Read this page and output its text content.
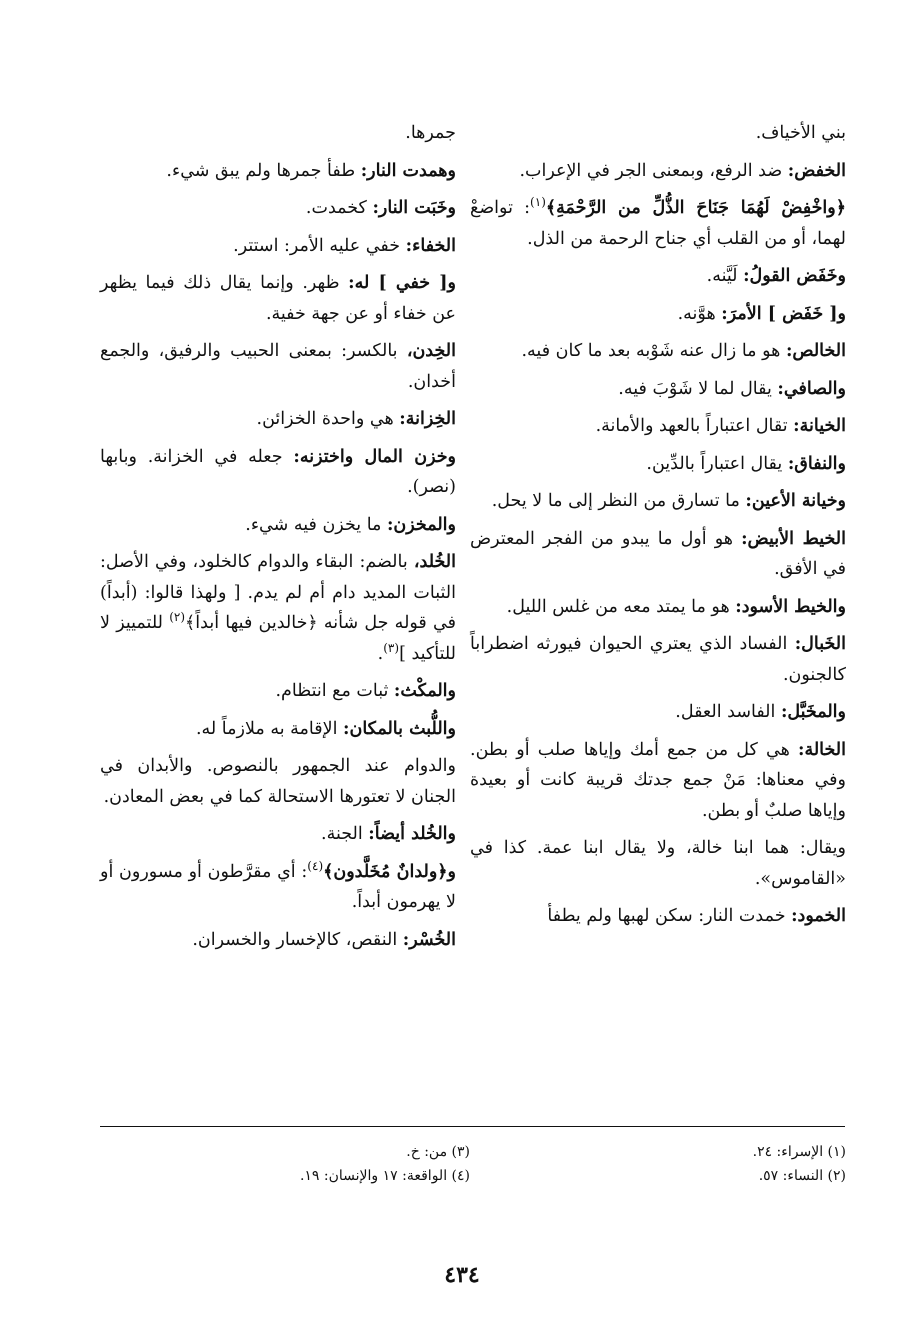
بني الأخياف.

الخفض: ضد الرفع، وبمعنى الجر في الإعراب.

﴿واخْفِضْ لَهُمَا جَنَاحَ الذُّلِّ من الرَّحْمَةِ﴾$^{(١)}$: تواضعْ لهما، أو من القلب أي جناح الرحمة من الذل.

وخَفَض القولُ: لَيَّنه.

و[ خَفَض ] الأمرَ: هوَّنه.

الخالص: هو ما زال عنه شَوْبه بعد ما كان فيه.

والصافي: يقال لما لا شَوْبَ فيه.

الخيانة: تقال اعتباراً بالعهد والأمانة.

والنفاق: يقال اعتباراً بالدِّين.

وخيانة الأعين: ما تسارق من النظر إلى ما لا يحل.

الخيط الأبيض: هو أول ما يبدو من الفجر المعترض في الأفق.

والخيط الأسود: هو ما يمتد معه من غلس الليل.

الخَبال: الفساد الذي يعتري الحيوان فيورثه اضطراباً كالجنون.

والمخَبَّل: الفاسد العقل.

الخالة: هي كل من جمع أمك وإياها صلب أو بطن. وفي معناها: مَنْ جمع جدتك قريبة كانت أو بعيدة وإياها صلبٌ أو بطن.

ويقال: هما ابنا خالة، ولا يقال ابنا عمة. كذا في «القاموس».

الخمود: خمدت النار: سكن لهبها ولم يطفأ

جمرها.

وهمدت النار: طفأ جمرها ولم يبق شيء.

وخَبَت النار: كخمدت.

الخفاء: خفي عليه الأمر: استتر.

و[ خفي ] له: ظهر. وإنما يقال ذلك فيما يظهر عن خفاء أو عن جهة خفية.

الخِدن، بالكسر: بمعنى الحبيب والرفيق، والجمع أخدان.

الخِزانة: هي واحدة الخزائن.

وخزن المال واختزنه: جعله في الخزانة. وبابها (نصر).

والمخزن: ما يخزن فيه شيء.

الخُلد، بالضم: البقاء والدوام كالخلود، وفي الأصل: الثبات المديد دام أم لم يدم. [ ولهذا قالوا: (أبداً) في قوله جل شأنه ﴿خالدين فيها أبداً﴾$^{(٢)}$ للتمييز لا للتأكيد ]$^{(٣)}$.

والمكْث: ثبات مع انتظام.

واللُّبث بالمكان: الإقامة به ملازماً له.

والدوام عند الجمهور بالنصوص. والأبدان في الجنان لا تعتورها الاستحالة كما في بعض المعادن.

والخُلد أيضاً: الجنة.

و﴿ولدانٌ مُخَلَّدون﴾$^{(٤)}$: أي مقرَّطون أو مسورون أو لا يهرمون أبداً.

الخُسْر: النقص، كالإخسار والخسران.

(١) الإسراء: ٢٤.
(٢) النساء: ٥٧.
(٣) من: خ.
(٤) الواقعة: ١٧ والإنسان: ١٩.
٤٣٤
